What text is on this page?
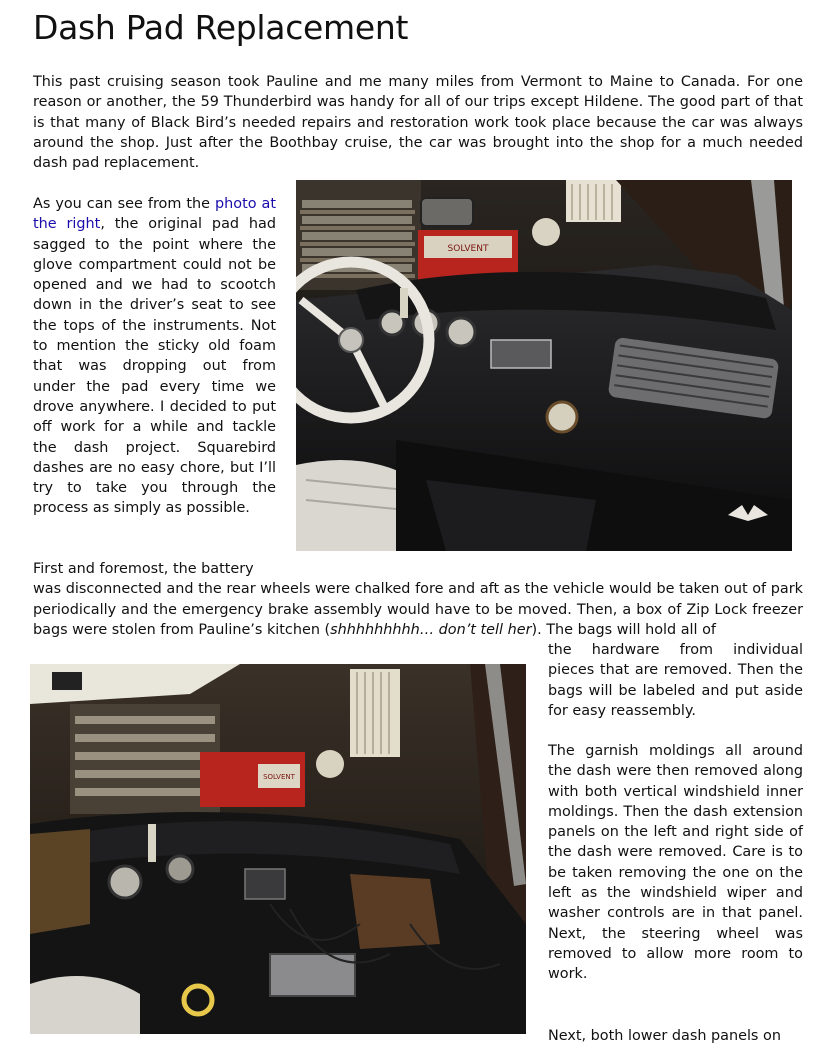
Dash Pad Replacement

This past cruising season took Pauline and me many miles from Vermont to Maine to Canada. For one reason or another, the 59 Thunderbird was handy for all of our trips except Hildene. The good part of that is that many of Black Bird’s needed repairs and restoration work took place because the car was always around the shop. Just after the Boothbay cruise, the car was brought into the shop for a much needed dash pad replacement.

As you can see from the photo at the right, the original pad had sagged to the point where the glove compartment could not be opened and we had to scootch down in the driver’s seat to see the tops of the instruments. Not to mention the sticky old foam that was dropping out from under the pad every time we drove anywhere. I decided to put off work for a while and tackle the dash project. Squarebird dashes are no easy chore, but I’ll try to take you through the process as simply as possible.

SOLVENT

First and foremost, the battery
was disconnected and the rear wheels were chalked fore and aft as the vehicle would be taken out of park periodically and the emergency brake assembly would have to be moved. Then, a box of Zip Lock freezer bags were stolen from Pauline’s kitchen (shhhhhhhhh… don’t tell her). The bags will hold all of

the hardware from individual pieces that are removed. Then the bags will be labeled and put aside for easy reassembly.

SOLVENT

The garnish moldings all around the dash were then removed along with both vertical windshield inner moldings. Then the dash extension panels on the left and right side of the dash were removed. Care is to be taken removing the one on the left as the windshield wiper and washer controls are in that panel. Next, the steering wheel was removed to allow more room to work.

Next, both lower dash panels on
